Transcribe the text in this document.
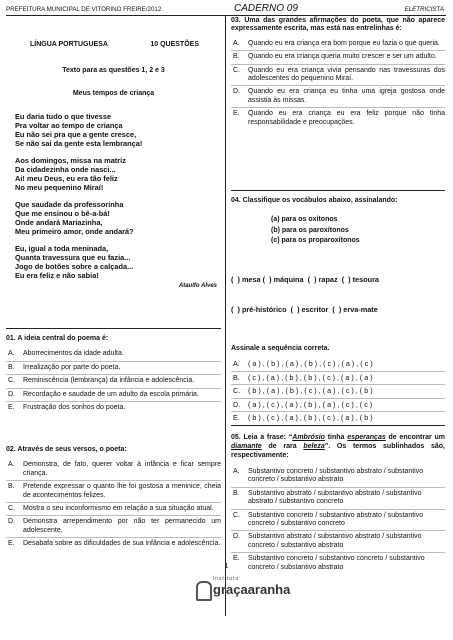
PREFEITURA MUNICIPAL DE VITORINO FREIRE/2012	CADERNO 09	ELETRICISTA
LÍNGUA PORTUGUESA	10 QUESTÕES
Texto para as questões 1, 2 e 3
Meus tempos de criança
Eu daria tudo o que tivesse
Pra voltar ao tempo de criança
Eu não sei pra que a gente cresce,
Se não sai da gente esta lembrança!
Aos domingos, missa na matriz
Da cidadezinha onde nasci...
Ai! meu Deus, eu era tão feliz
No meu pequenino Miraí!
Que saudade da professorinha
Que me ensinou o bê-a-bá!
Onde andará Mariazinha,
Meu primeiro amor, onde andará?
Eu, igual a toda meninada,
Quanta travessura que eu fazia...
Jogo de botões sobre a calçada...
Eu era feliz e não sabia!
Ataulfo Alves
01. A ideia central do poema é:
A.	Aborrecimentos da idade adulta.
B.	Irrealização por parte do poeta.
C.	Reminiscência (lembrança) da infância e adolescência.
D.	Recordação e saudade de um adulto da escola primária.
E.	Frustração dos sonhos do poeta.
02. Através de seus versos, o poeta:
A.	Demonstra, de fato, querer voltar à infância e ficar sempre criança.
B.	Pretende expressar o quanto lhe foi gostosa a meninice, cheia de acontecimentos felizes.
C.	Mostra o seu inconformismo em relação a sua situação atual.
D.	Demonstra arrependimento por não ter permanecido um adolescente.
E.	Desabafa sobre as dificuldades de sua infância e adolescência.
03. Uma das grandes afirmações do poeta, que não aparece expressamente escrita, mas está nas entrelinhas é:
A.	Quando eu era criança era bom porque eu fazia o que queria.
B.	Quando eu era criança queria muito crescer e ser um adulto.
C.	Quando eu era criança vivia pensando nas travessuras dos adolescentes do pequenino Miraí.
D.	Quando eu era criança eu tinha uma igreja gostosa onde assistia às missas.
E.	Quando eu era criança eu era feliz porque não tinha responsabilidade e preocupações.
04. Classifique os vocábulos abaixo, assinalando:
(a) para os oxítonos
(b) para os paroxítonos
(c) para os proparoxítonos

(  ) mesa (  ) máquina  (  ) rapaz  (  ) tesoura

(  ) pré-histórico  (  ) escritor  (  ) erva-mate

Assinale a sequência correta.
A.	( a ) , ( b ) , ( a ) , ( b ) , ( c ) , ( a ) , ( c )
B.	( c ) , ( a ) , ( b ) , ( b ) , ( c ) , ( a ) , ( a )
C.	( b ) , ( a ) , ( b ) , ( c ) , ( a ) , ( c ) , ( b )
D.	( a ) , ( c ) , ( a ) , ( b ) , ( a ) , ( c ) , ( c )
E.	( b ) , ( c ) , ( a ) , ( b ) , ( c ) , ( a ) , ( b )
05. Leia a frase: “Ambrósio tinha esperanças de encontrar um diamante de rara beleza”. Os termos sublinhados são, respectivamente:
A.	Substantivo concreto / substantivo abstrato / substantivo concreto / substantivo abstrato
B.	Substantivo abstrato / substantivo abstrato / substantivo abstrato / substantivo concreto
C.	Substantivo concreto / substantivo abstrato / substantivo concreto / substantivo concreto
D.	Substantivo abstrato / substantivo abstrato / substantivo concreto / substantivo abstrato
E.	Substantivo concreto / substantivo concreto / substantivo concreto / substantivo abstrato
1
instituto
graçaaranha
